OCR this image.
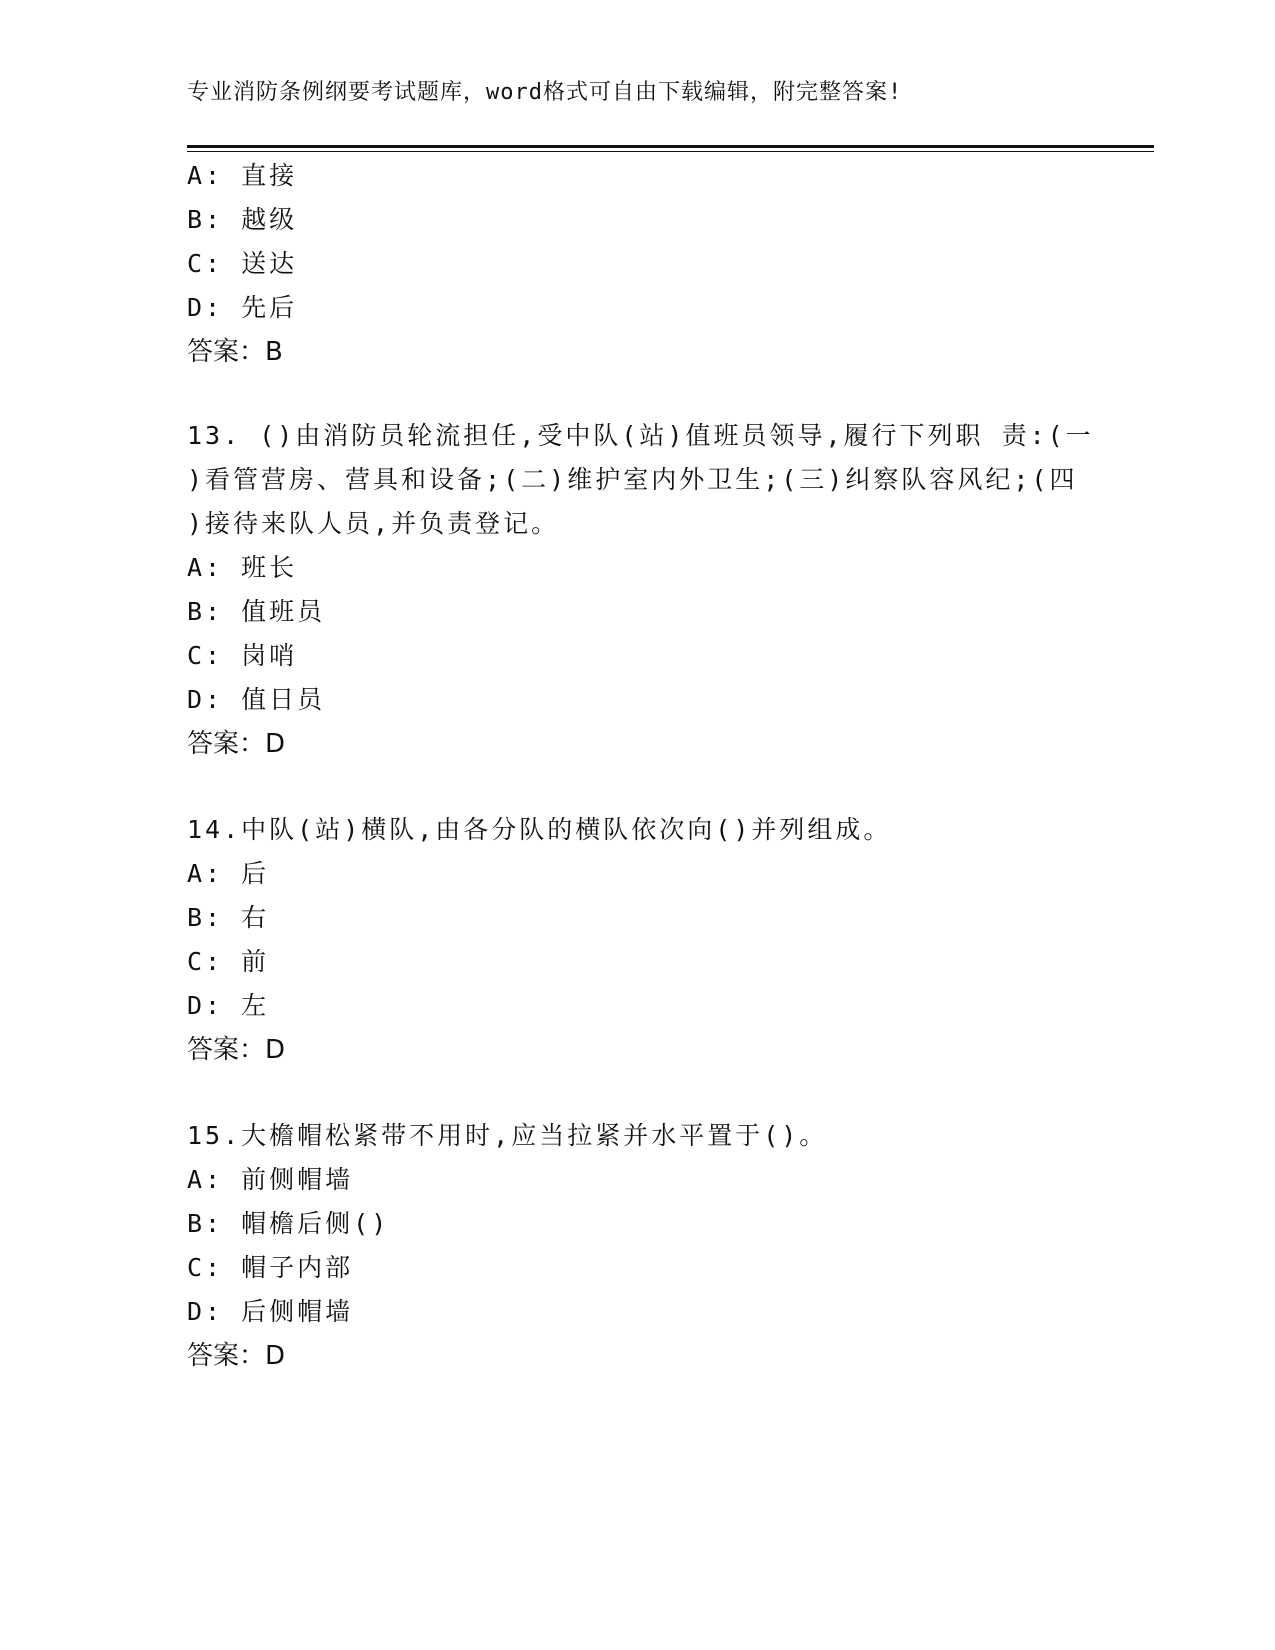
专业消防条例纲要考试题库，word格式可自由下载编辑，附完整答案!
A: 直接
B: 越级
C: 送达
D: 先后
答案：B
13. ()由消防员轮流担任,受中队(站)值班员领导,履行下列职 责:(一
)看管营房、营具和设备;(二)维护室内外卫生;(三)纠察队容风纪;(四
)接待来队人员,并负责登记。
A: 班长
B: 值班员
C: 岗哨
D: 值日员
答案：D
14.中队(站)横队,由各分队的横队依次向()并列组成。
A: 后
B: 右
C: 前
D: 左
答案：D
15.大檐帽松紧带不用时,应当拉紧并水平置于()。
A: 前侧帽墙
B: 帽檐后侧()
C: 帽子内部
D: 后侧帽墙
答案：D
